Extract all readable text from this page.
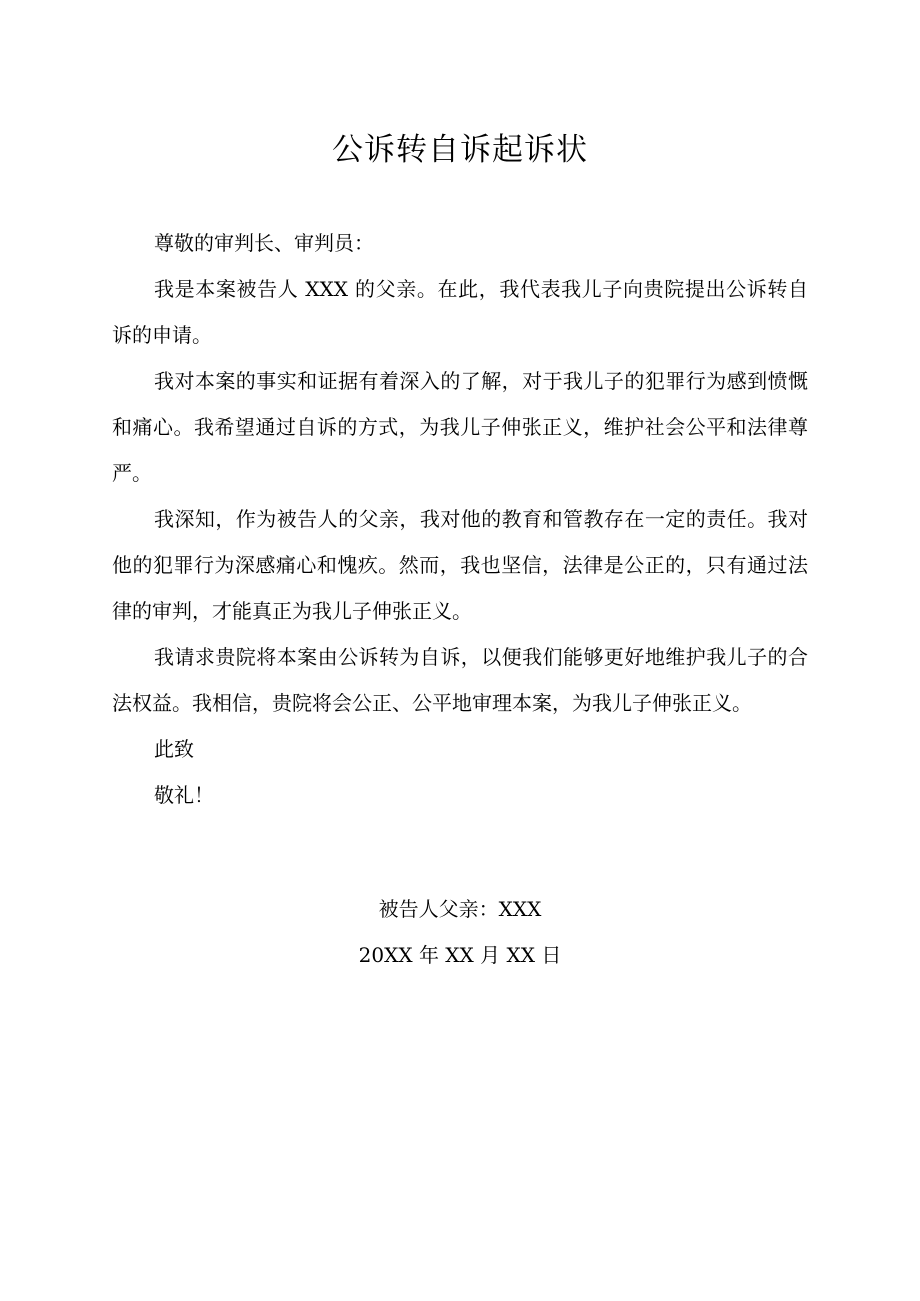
公诉转自诉起诉状

尊敬的审判长、审判员：

我是本案被告人 XXX 的父亲。在此，我代表我儿子向贵院提出公诉转自诉的申请。

我对本案的事实和证据有着深入的了解，对于我儿子的犯罪行为感到愤慨和痛心。我希望通过自诉的方式，为我儿子伸张正义，维护社会公平和法律尊严。

我深知，作为被告人的父亲，我对他的教育和管教存在一定的责任。我对他的犯罪行为深感痛心和愧疚。然而，我也坚信，法律是公正的，只有通过法律的审判，才能真正为我儿子伸张正义。

我请求贵院将本案由公诉转为自诉，以便我们能够更好地维护我儿子的合法权益。我相信，贵院将会公正、公平地审理本案，为我儿子伸张正义。

此致

敬礼！

被告人父亲：XXX
20XX 年 XX 月 XX 日
